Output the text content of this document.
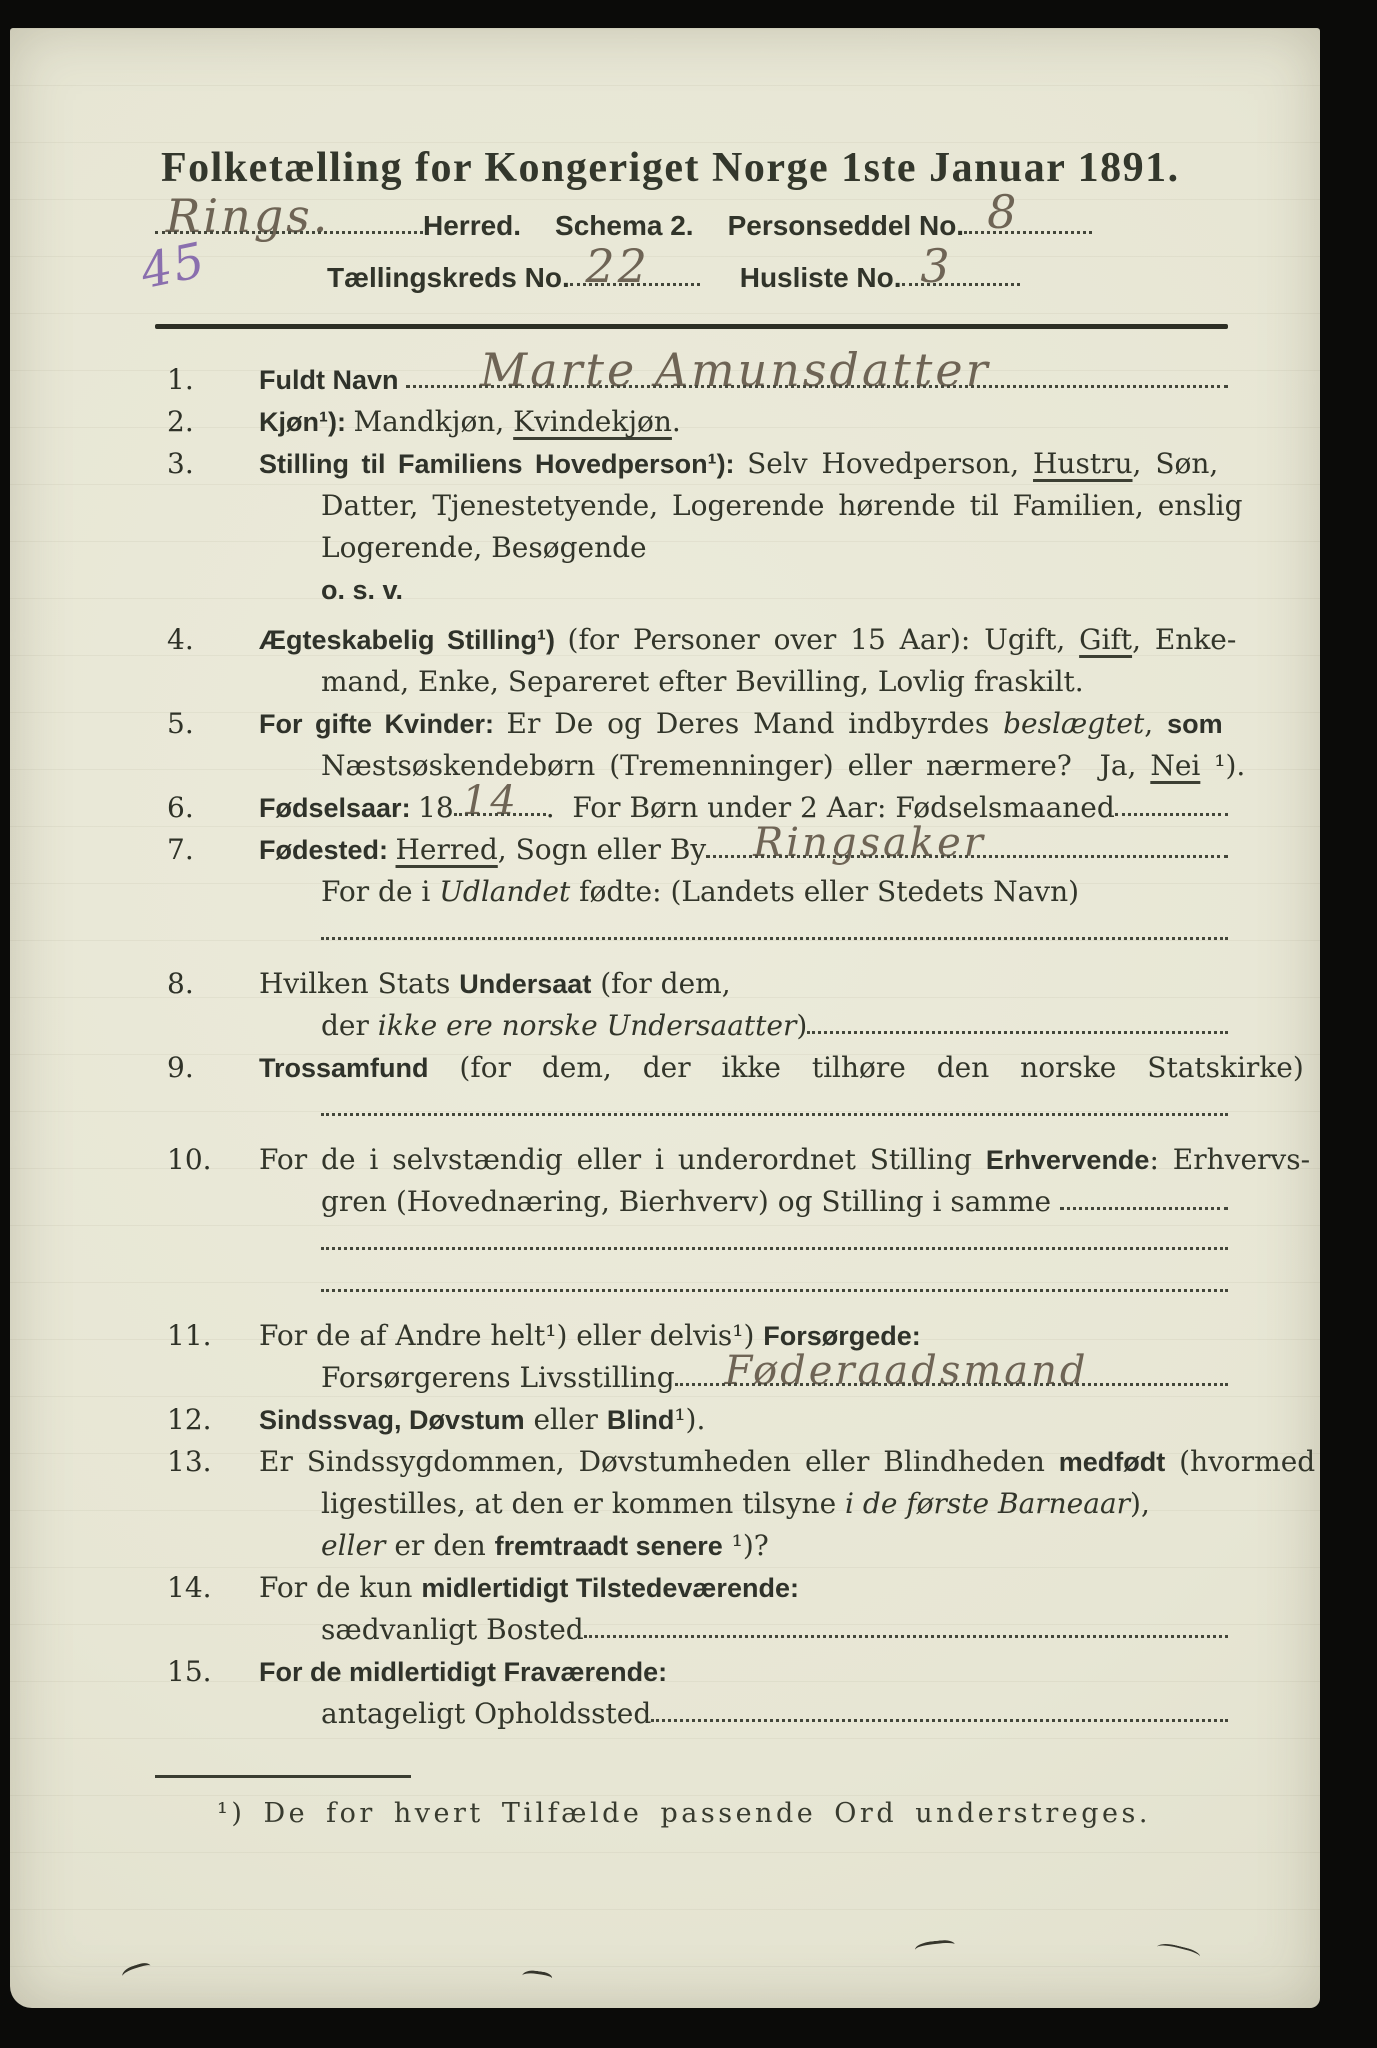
Folketælling for Kongeriget Norge 1ste Januar 1891.
Rings.	Herred. Schema 2. Personseddel No. 8
45	Tællingskreds No. 22	Husliste No. 3
1.	Fuldt Navn Marte Amunsdatter
2.	Kjøn ¹): Mandkjøn, Kvindekjøn .
3.	Stilling til Familiens Hovedperson ¹): Selv Hovedperson, Hustru , Søn,
Datter, Tjenestetyende, Logerende hørende til Familien, enslig
Logerende, Besøgende
o. s. v.
4.	Ægteskabelig Stilling ¹) (for Personer over 15 Aar): Ugift, Gift , Enke-
mand, Enke, Separeret efter Bevilling, Lovlig fraskilt.
5.	For gifte Kvinder: Er De og Deres Mand indbyrdes beslægtet , som
Næstsøskendebørn (Tremenninger) eller nærmere?  Ja, Nei ¹).
6.	Fødselsaar: 18 14 .  For Børn under 2 Aar: Fødselsmaaned
7.	Fødested: Herred , Sogn eller By Ringsaker
For de i Udlandet fødte: (Landets eller Stedets Navn)
8.	Hvilken Stats Undersaat (for dem,
der ikke ere norske Undersaatter )
9.	Trossamfund (for dem, der ikke tilhøre den norske Statskirke)
10.	For de i selvstændig eller i underordnet Stilling Erhvervende : Erhvervs-
gren (Hovednæring, Bierhverv) og Stilling i samme
11.	For de af Andre helt ¹) eller delvis ¹) Forsørgede:
Forsørgerens Livsstilling Føderaadsmand
12.	Sindssvag, Døvstum eller Blind ¹).
13.	Er Sindssygdommen, Døvstumheden eller Blindheden medfødt (hvormed
ligestilles, at den er kommen tilsyne i de første Barneaar ),
eller er den fremtraadt senere ¹)?
14.	For de kun midlertidigt Tilstedeværende:
sædvanligt Bosted
15.	For de midlertidigt Fraværende:
antageligt Opholdssted
¹) De for hvert Tilfælde passende Ord understreges.
